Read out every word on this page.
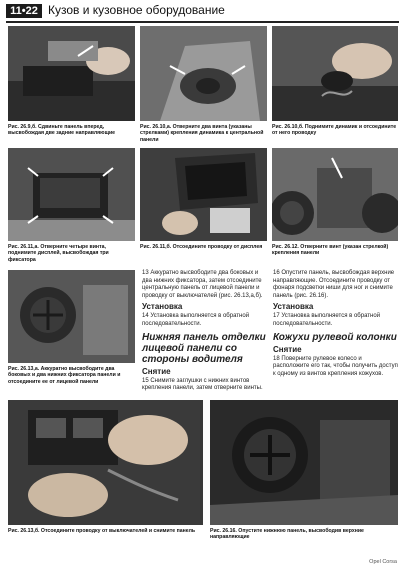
11•22 Кузов и кузовное оборудование
Рис. 26.9,б. Сдвиньте панель вперед, высвобождая две задние направляющие
Рис. 26.10,а. Отверните два винта (указаны стрелками) крепления динамика к центральной панели
Рис. 26.10,б. Поднимите динамик и отсоедините от него проводку
Рис. 26.11,а. Отверните четыре винта, поднимите дисплей, высвобождая три фиксатора
Рис. 26.11,б. Отсоедините проводку от дисплея	Рис. 26.12. Отверните винт (указан стрелкой) крепления панели
Рис. 26.13,а. Аккуратно высвободите два боковых и два нижних фиксатора панели и отсоедините ее от лицевой панели

13 Аккуратно высвободите два боковых и два нижних фиксатора, затем отсоедините центральную панель от лицевой панели и проводку от выключателей (рис. 26.13,а,б).

Установка

14 Установка выполняется в обратной последовательности.

Нижняя панель отделки лицевой панели со стороны водителя
Снятие

15 Снимите заглушки с нижних винтов крепления панели, затем отверните винты.

16 Опустите панель, высвобождая верхние направляющие. Отсоедините проводку от фонаря подсветки ниши для ног и снимите панель (рис. 26.16).

Установка

17 Установка выполняется в обратной последовательности.

Кожухи рулевой колонки
Снятие

18 Поверните рулевое колесо и расположите его так, чтобы получить доступ к одному из винтов крепления кожухов.

Рис. 26.13,б. Отсоедините проводку от выключателей и снимите панель	Рис. 26.16. Опустите нижнюю панель, высвободив верхние направляющие
Opel Corsa
